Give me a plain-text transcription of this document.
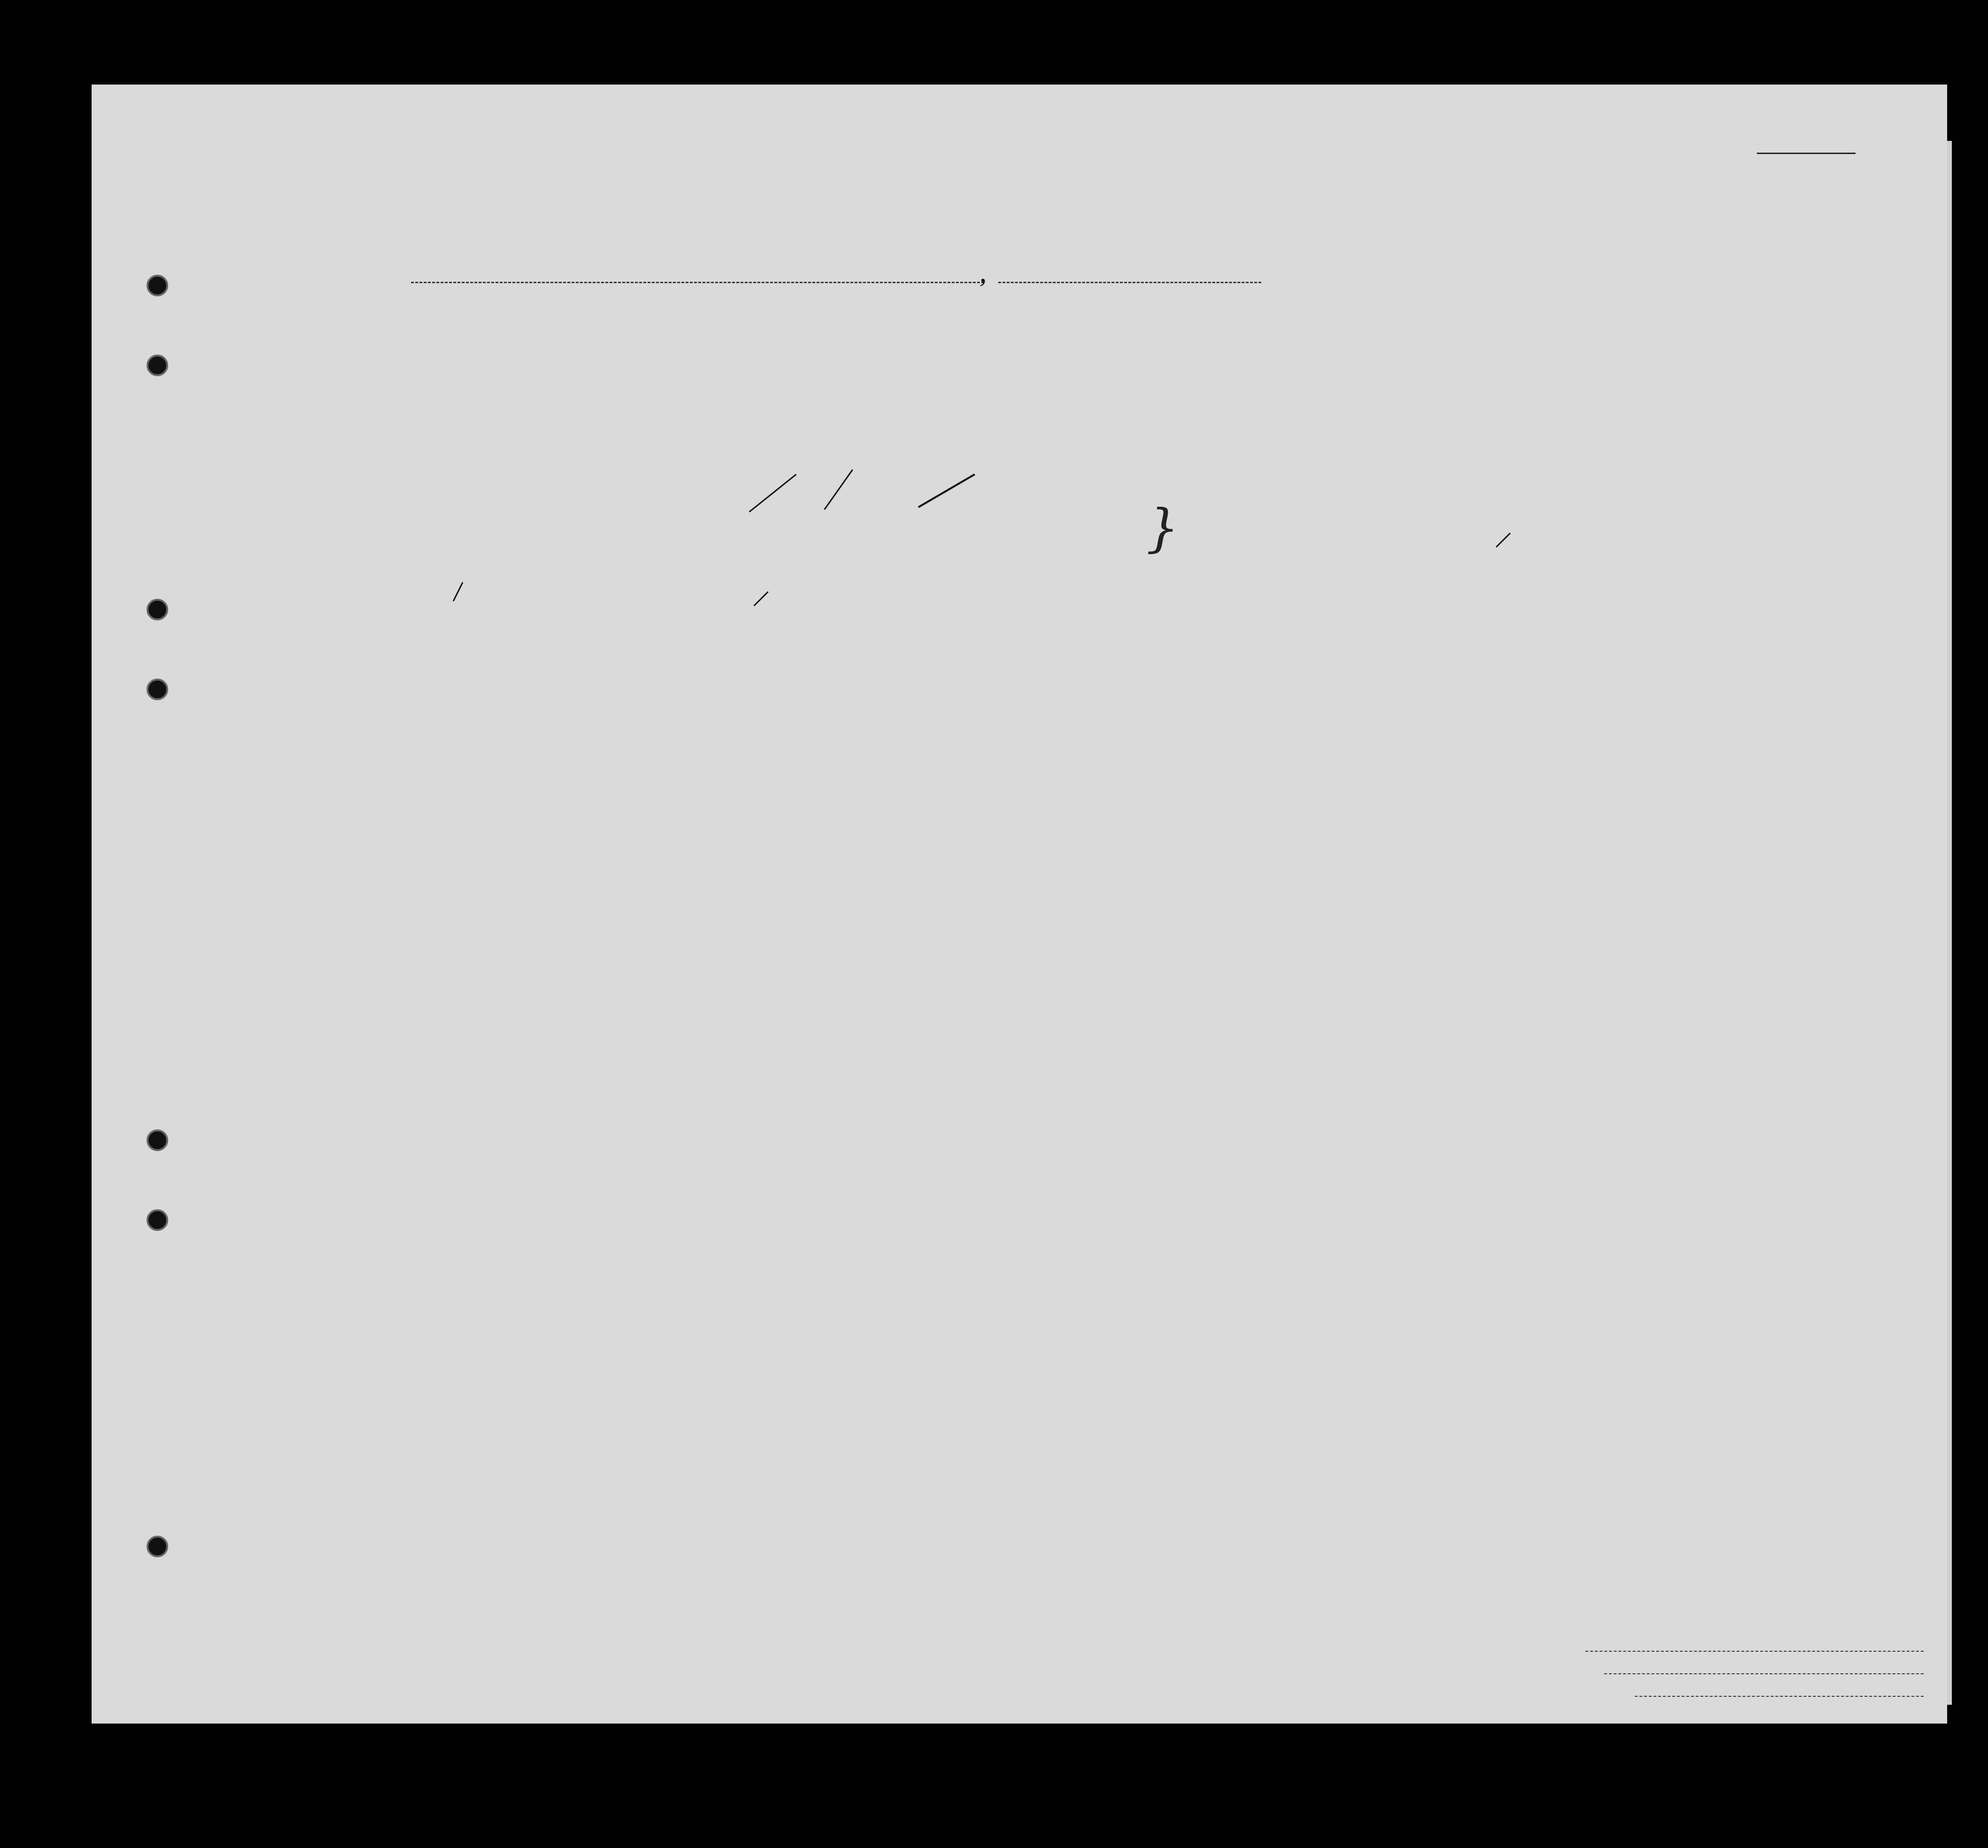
,
}
